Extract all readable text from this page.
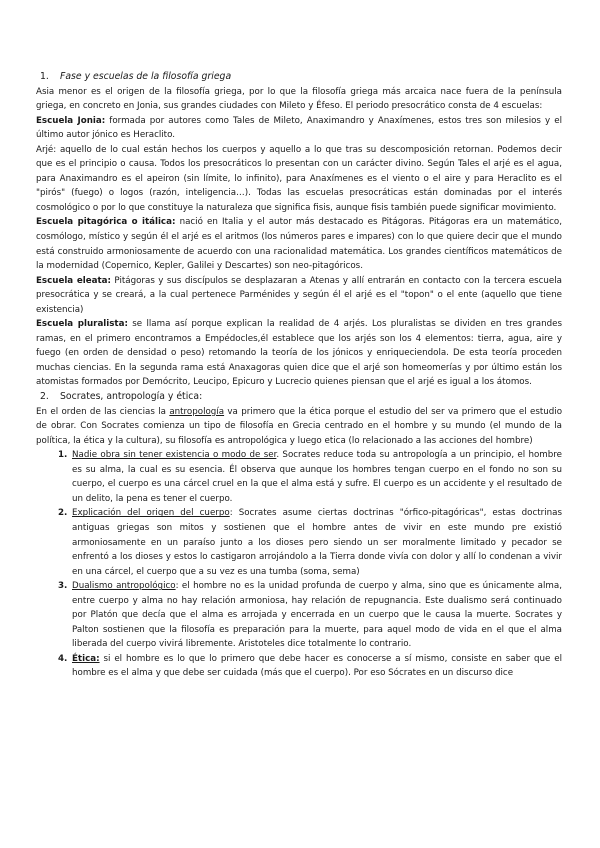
1. Fase y escuelas de la filosofía griega

Asia menor es el origen de la filosofía griega, por lo que la filosofía griega más arcaica nace fuera de la península griega, en concreto en Jonia, sus grandes ciudades con Mileto y Éfeso. El periodo presocrático consta de 4 escuelas:

Escuela Jonia: formada por autores como Tales de Mileto, Anaximandro y Anaxímenes, estos tres son milesios y el último autor jónico es Heraclito.

Arjé: aquello de lo cual están hechos los cuerpos y aquello a lo que tras su descomposición retornan. Podemos decir que es el principio o causa. Todos los presocráticos lo presentan con un carácter divino. Según Tales el arjé es el agua, para Anaximandro es el apeiron (sin límite, lo infinito), para Anaxímenes es el viento o el aire y para Heraclito es el "pirós" (fuego) o logos (razón, inteligencia…). Todas las escuelas presocráticas están dominadas por el interés cosmológico o por lo que constituye la naturaleza que significa fisis, aunque fisis también puede significar movimiento.

Escuela pitagórica o itálica: nació en Italia y el autor más destacado es Pitágoras. Pitágoras era un matemático, cosmólogo, místico y según él el arjé es el aritmos (los números pares e impares) con lo que quiere decir que el mundo está construido armoniosamente de acuerdo con una racionalidad matemática. Los grandes científicos matemáticos de la modernidad (Copernico, Kepler, Galilei y Descartes) son neo-pitagóricos.

Escuela eleata: Pitágoras y sus discípulos se desplazaran a Atenas y allí entrarán en contacto con la tercera escuela presocrática y se creará, a la cual pertenece Parménides y según él el arjé es el "topon" o el ente (aquello que tiene existencia)

Escuela pluralista: se llama así porque explican la realidad de 4 arjés. Los pluralistas se dividen en tres grandes ramas, en el primero encontramos a Empédocles,él establece que los arjés son los 4 elementos: tierra, agua, aire y fuego (en orden de densidad o peso) retomando la teoría de los jónicos y enriqueciendola. De esta teoría proceden muchas ciencias. En la segunda rama está Anaxagoras quien dice que el arjé son homeomerías y por último están los atomistas formados por Demócrito, Leucipo, Epicuro y Lucrecio quienes piensan que el arjé es igual a los átomos.

2. Socrates, antropología y ética:

En el orden de las ciencias la antropología va primero que la ética porque el estudio del ser va primero que el estudio de obrar. Con Socrates comienza un tipo de filosofía en Grecia centrado en el hombre y su mundo (el mundo de la política, la ética y la cultura), su filosofía es antropológica y luego etica (lo relacionado a las acciones del hombre)

1. Nadie obra sin tener existencia o modo de ser. Socrates reduce toda su antropología a un principio, el hombre es su alma, la cual es su esencia. Él observa que aunque los hombres tengan cuerpo en el fondo no son su cuerpo, el cuerpo es una cárcel cruel en la que el alma está y sufre. El cuerpo es un accidente y el resultado de un delito, la pena es tener el cuerpo.
2. Explicación del origen del cuerpo: Socrates asume ciertas doctrinas "órfico-pitagóricas", estas doctrinas antiguas griegas son mitos y sostienen que el hombre antes de vivir en este mundo pre existió armoniosamente en un paraíso junto a los dioses pero siendo un ser moralmente limitado y pecador se enfrentó a los dioses y estos lo castigaron arrojándolo a la Tierra donde vivía con dolor y allí lo condenan a vivir en una cárcel, el cuerpo que a su vez es una tumba (soma, sema)
3. Dualismo antropológico: el hombre no es la unidad profunda de cuerpo y alma, sino que es únicamente alma, entre cuerpo y alma no hay relación armoniosa, hay relación de repugnancia. Este dualismo será continuado por Platón que decía que el alma es arrojada y encerrada en un cuerpo que le causa la muerte. Socrates y Palton sostienen que la filosofía es preparación para la muerte, para aquel modo de vida en el que el alma liberada del cuerpo vivirá libremente. Aristoteles dice totalmente lo contrario.
4. Ética: si el hombre es lo que lo primero que debe hacer es conocerse a sí mismo, consiste en saber que el hombre es el alma y que debe ser cuidada (más que el cuerpo). Por eso Sócrates en un discurso dice
